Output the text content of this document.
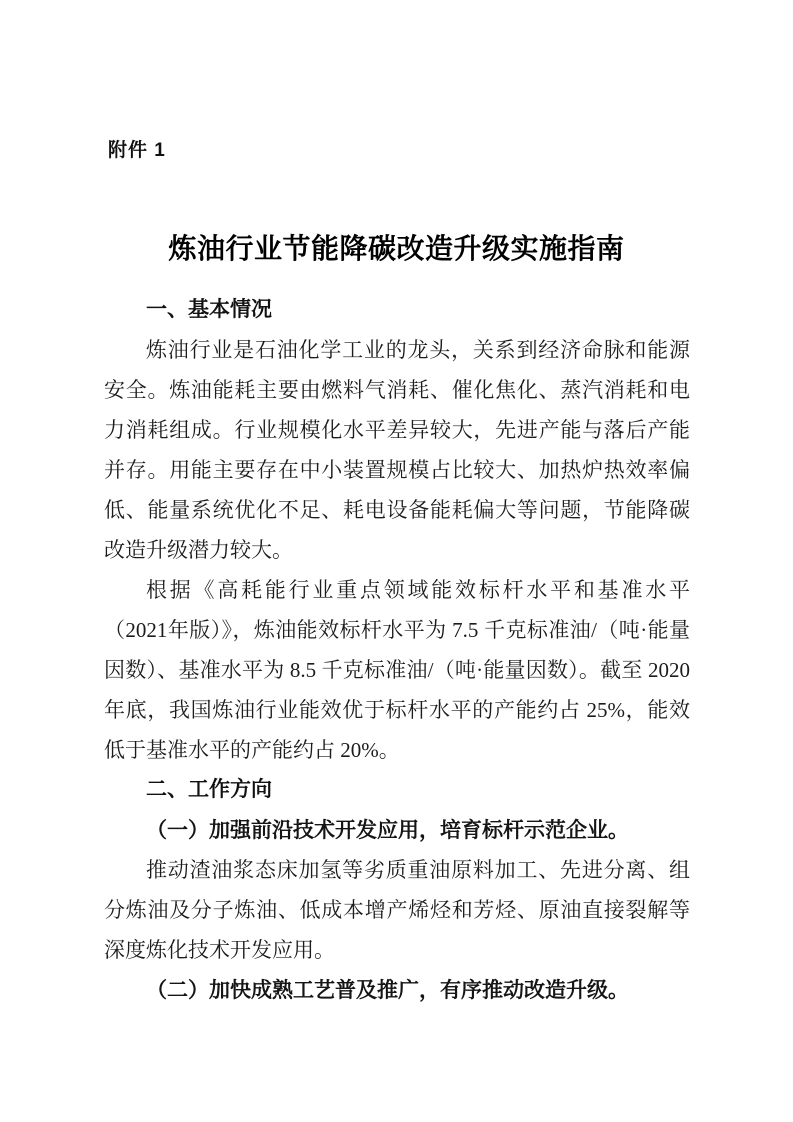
附件 1
炼油行业节能降碳改造升级实施指南
一、基本情况

炼油行业是石油化学工业的龙头，关系到经济命脉和能源安全。炼油能耗主要由燃料气消耗、催化焦化、蒸汽消耗和电力消耗组成。行业规模化水平差异较大，先进产能与落后产能并存。用能主要存在中小装置规模占比较大、加热炉热效率偏低、能量系统优化不足、耗电设备能耗偏大等问题，节能降碳改造升级潜力较大。

根据《高耗能行业重点领域能效标杆水平和基准水平（2021年版）》，炼油能效标杆水平为 7.5 千克标准油/（吨·能量因数）、基准水平为 8.5 千克标准油/（吨·能量因数）。截至 2020 年底，我国炼油行业能效优于标杆水平的产能约占 25%，能效低于基准水平的产能约占 20%。

二、工作方向

（一）加强前沿技术开发应用，培育标杆示范企业。

推动渣油浆态床加氢等劣质重油原料加工、先进分离、组分炼油及分子炼油、低成本增产烯烃和芳烃、原油直接裂解等深度炼化技术开发应用。

（二）加快成熟工艺普及推广，有序推动改造升级。
